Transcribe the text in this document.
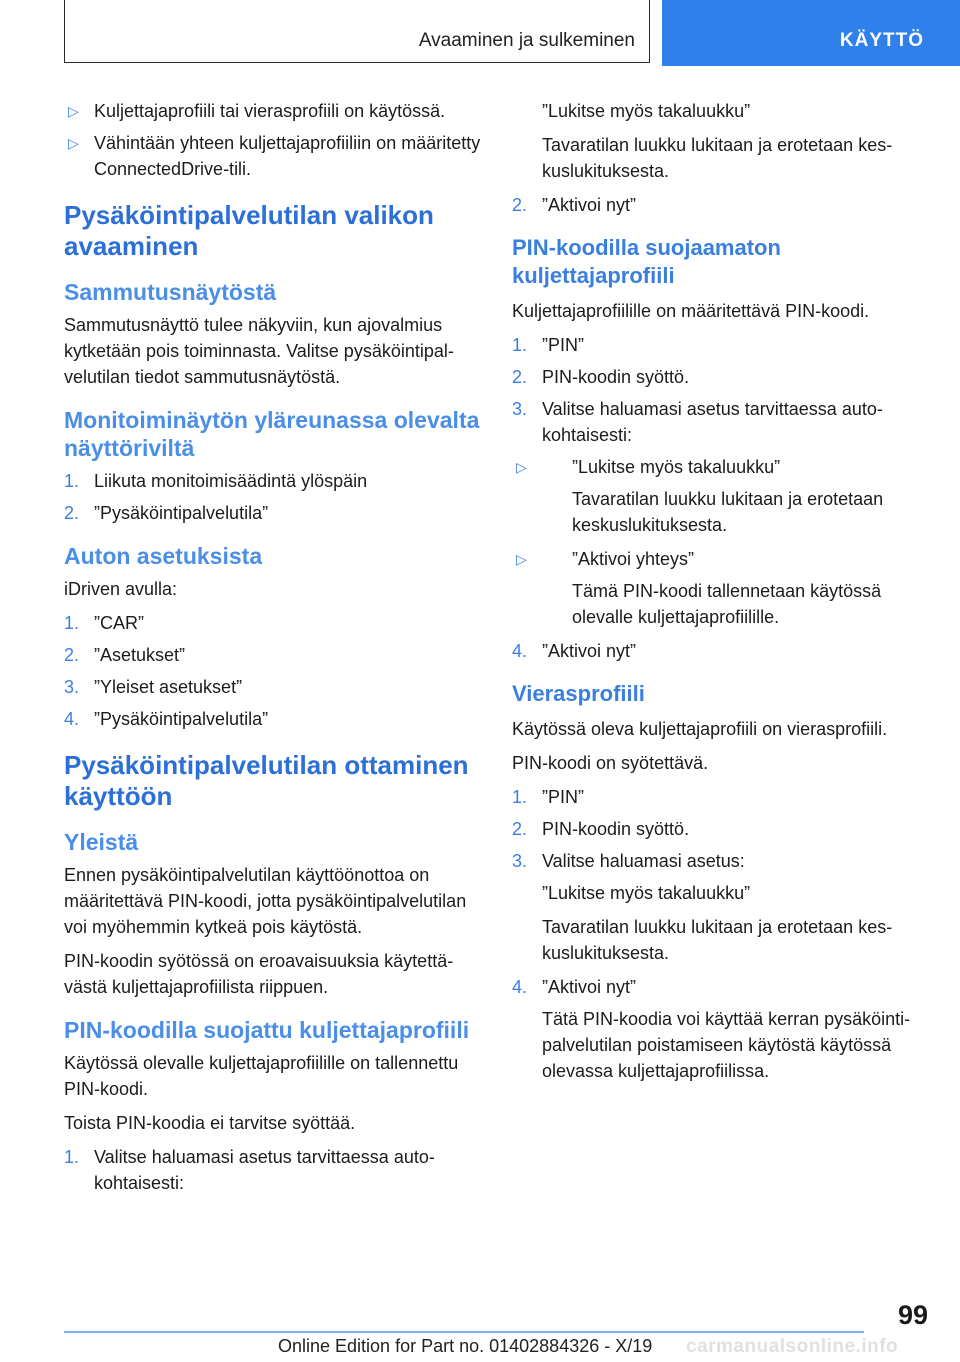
Avaaminen ja sulkeminen	KÄYTTÖ
▷ Kuljettajaprofiili tai vierasprofiili on käytössä.
▷ Vähintään yhteen kuljettajaprofiiliin on määritetty ConnectedDrive-tili.
Pysäköintipalvelutilan valikon avaaminen
Sammutusnäytöstä

Sammutusnäyttö tulee näkyviin, kun ajovalmius kytketään pois toiminnasta. Valitse pysäköintipalvelutilan tiedot sammutusnäytöstä.

Monitoiminäytön yläreunassa olevalta näyttöriviltä
1. Liikuta monitoimisäädintä ylöspäin
2. ”Pysäköintipalvelutila”
Auton asetuksista

iDriven avulla:

1. ”CAR”
2. ”Asetukset”
3. ”Yleiset asetukset”
4. ”Pysäköintipalvelutila”
Pysäköintipalvelutilan ottaminen käyttöön
Yleistä

Ennen pysäköintipalvelutilan käyttöönottoa on määritettävä PIN-koodi, jotta pysäköintipalvelutilan voi myöhemmin kytkeä pois käytöstä.

PIN-koodin syötössä on eroavaisuuksia käytettävästä kuljettajaprofiilista riippuen.

PIN-koodilla suojattu kuljettajaprofiili

Käytössä olevalle kuljettajaprofiilille on tallennettu PIN-koodi.

Toista PIN-koodia ei tarvitse syöttää.

1. Valitse haluamasi asetus tarvittaessa autokohtaisesti:

”Lukitse myös takaluukku”

Tavaratilan luukku lukitaan ja erotetaan keskuslukituksesta.

2. ”Aktivoi nyt”
PIN-koodilla suojaamaton kuljettajaprofiili

Kuljettajaprofiilille on määritettävä PIN-koodi.

1. ”PIN”
2. PIN-koodin syöttö.
3. Valitse haluamasi asetus tarvittaessa autokohtaisesti:
▷	”Lukitse myös takaluukku”

Tavaratilan luukku lukitaan ja erotetaan keskuslukituksesta.

▷	”Aktivoi yhteys”

Tämä PIN-koodi tallennetaan käytössä olevalle kuljettajaprofiilille.

4. ”Aktivoi nyt”
Vierasprofiili

Käytössä oleva kuljettajaprofiili on vierasprofiili.

PIN-koodi on syötettävä.

1. ”PIN”
2. PIN-koodin syöttö.
3. Valitse haluamasi asetus:

”Lukitse myös takaluukku”

Tavaratilan luukku lukitaan ja erotetaan keskuslukituksesta.

4. ”Aktivoi nyt”

Tätä PIN-koodia voi käyttää kerran pysäköintipalvelutilan poistamiseen käytöstä käytössä olevassa kuljettajaprofiilissa.

99
Online Edition for Part no. 01402884326 - X/19 carmanualsonline.info
